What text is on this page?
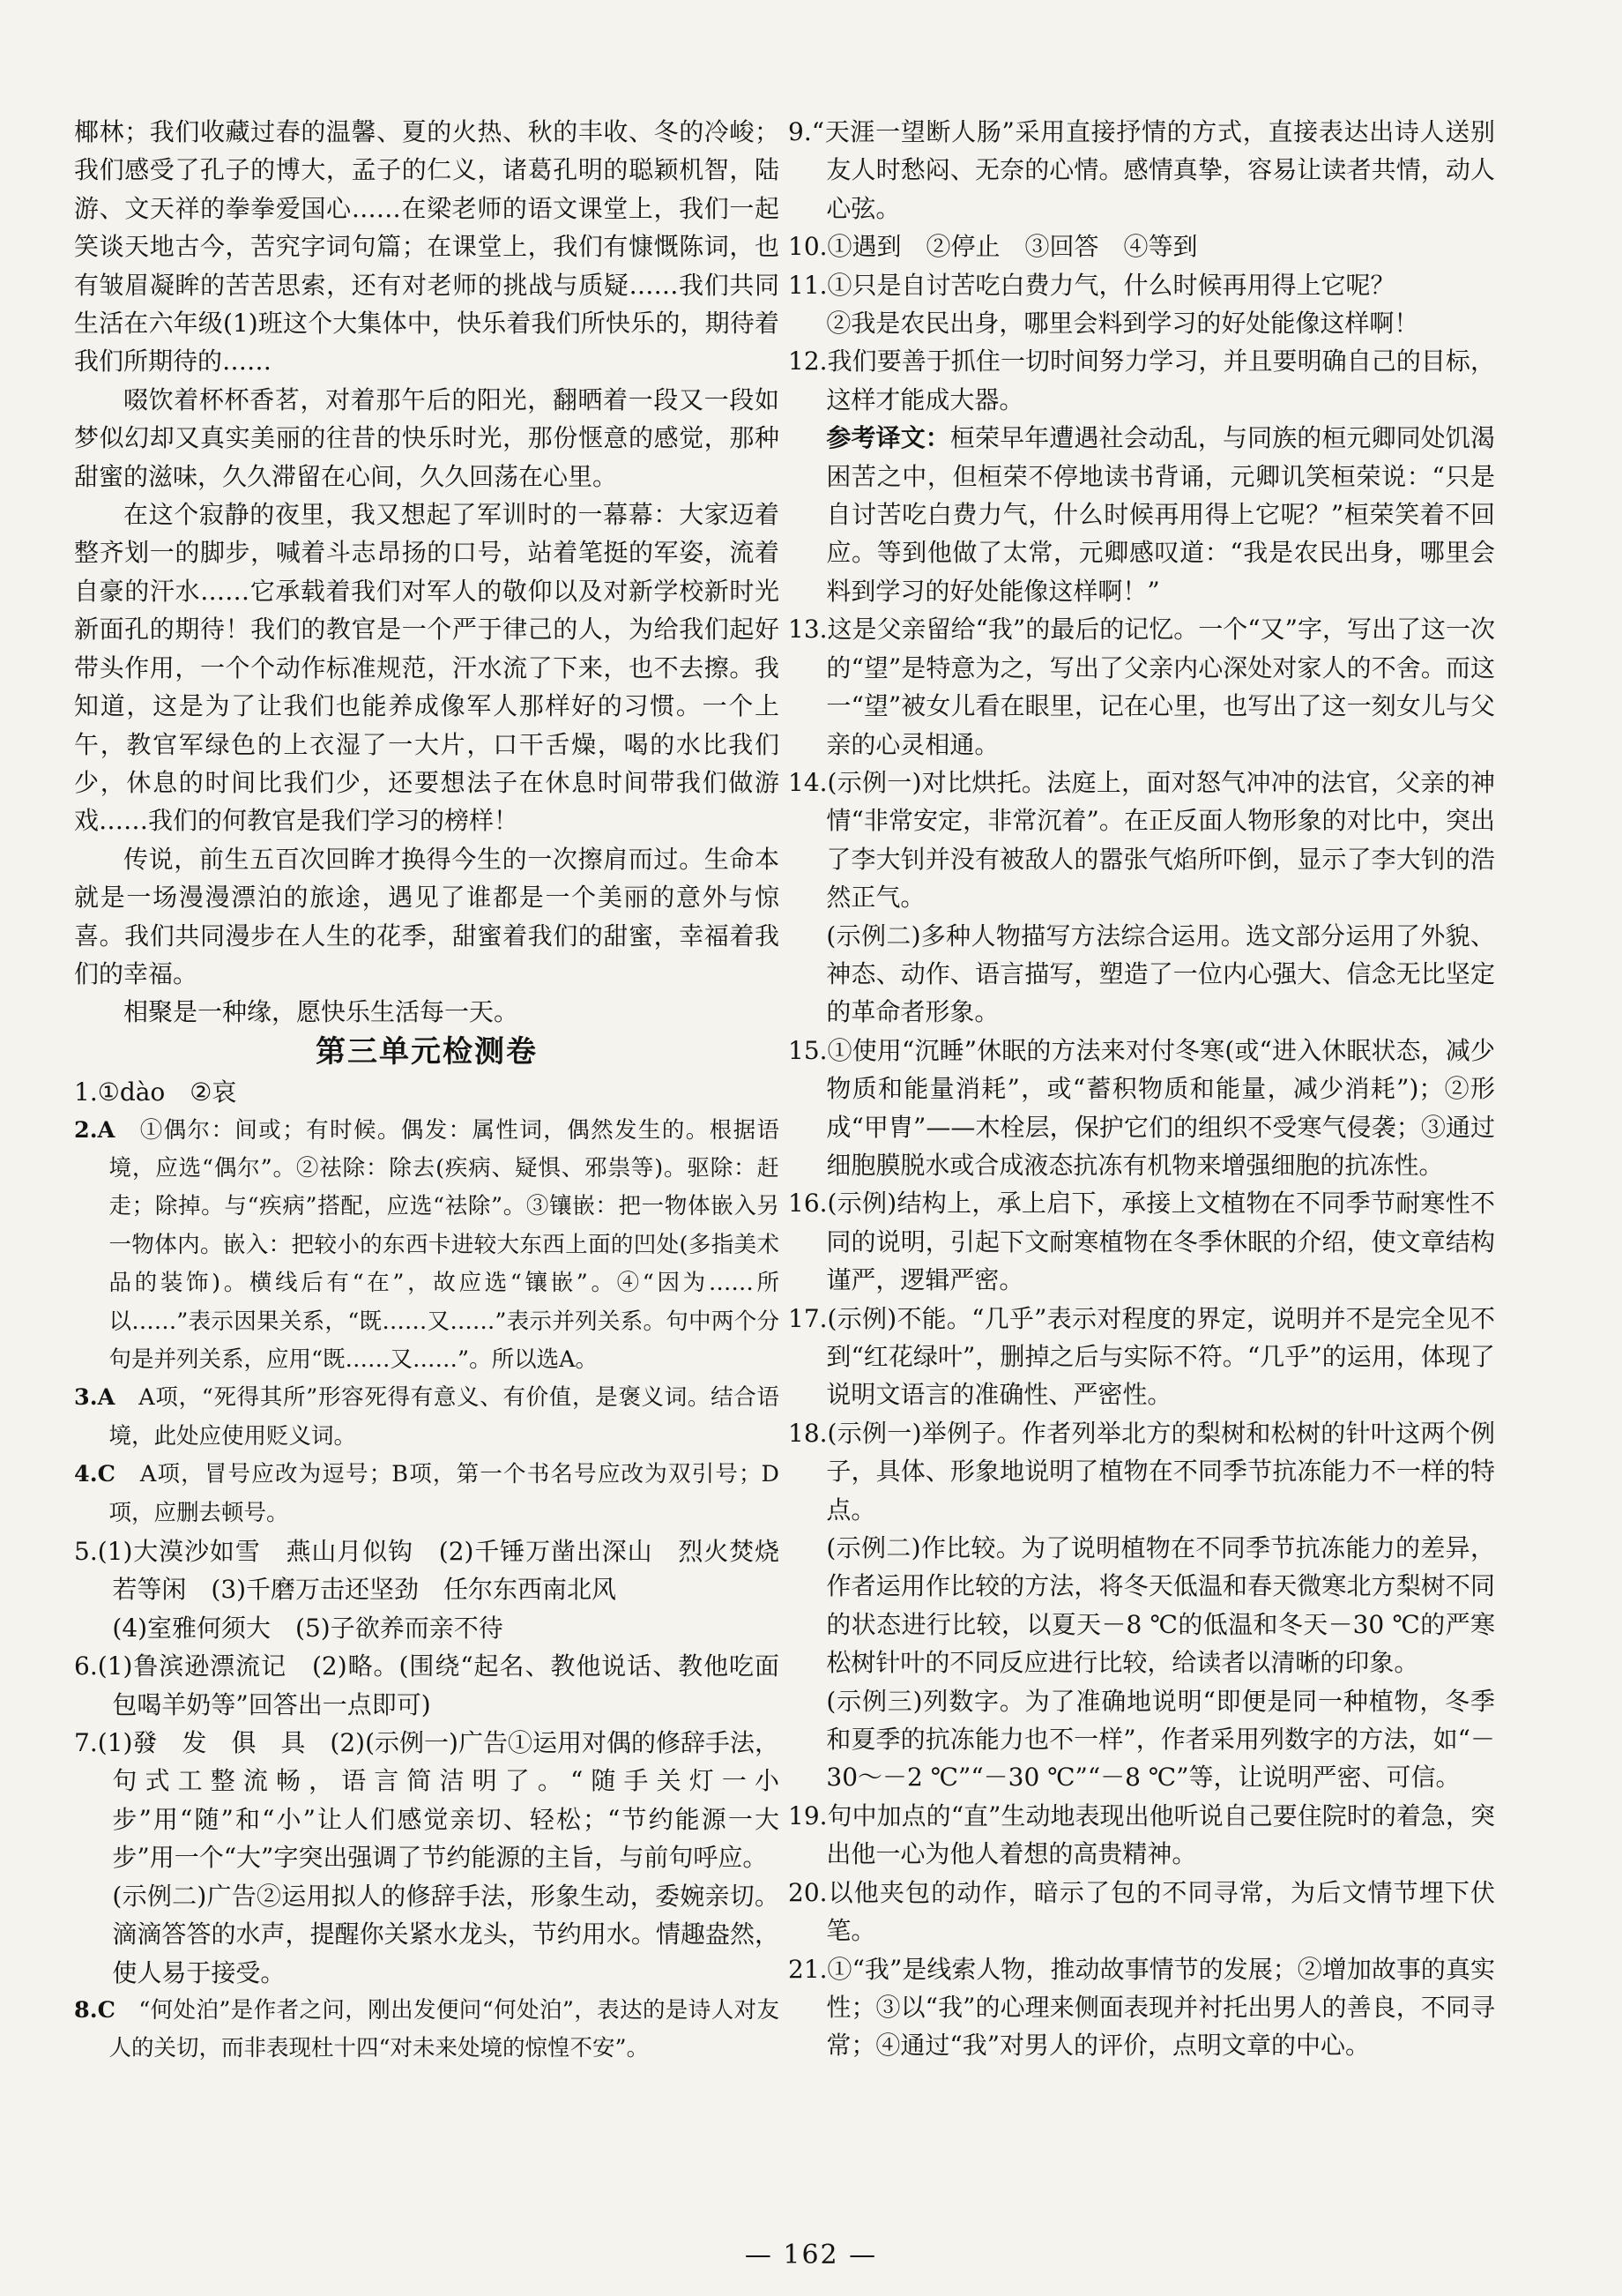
椰林；我们收藏过春的温馨、夏的火热、秋的丰收、冬的冷峻；我们感受了孔子的博大，孟子的仁义，诸葛孔明的聪颖机智，陆游、文天祥的拳拳爱国心……在梁老师的语文课堂上，我们一起笑谈天地古今，苦究字词句篇；在课堂上，我们有慷慨陈词，也有皱眉凝眸的苦苦思索，还有对老师的挑战与质疑……我们共同生活在六年级(1)班这个大集体中，快乐着我们所快乐的，期待着我们所期待的……

啜饮着杯杯香茗，对着那午后的阳光，翻晒着一段又一段如梦似幻却又真实美丽的往昔的快乐时光，那份惬意的感觉，那种甜蜜的滋味，久久滞留在心间，久久回荡在心里。

在这个寂静的夜里，我又想起了军训时的一幕幕：大家迈着整齐划一的脚步，喊着斗志昂扬的口号，站着笔挺的军姿，流着自豪的汗水……它承载着我们对军人的敬仰以及对新学校新时光新面孔的期待！我们的教官是一个严于律己的人，为给我们起好带头作用，一个个动作标准规范，汗水流了下来，也不去擦。我知道，这是为了让我们也能养成像军人那样好的习惯。一个上午，教官军绿色的上衣湿了一大片，口干舌燥，喝的水比我们少，休息的时间比我们少，还要想法子在休息时间带我们做游戏……我们的何教官是我们学习的榜样！

传说，前生五百次回眸才换得今生的一次擦肩而过。生命本就是一场漫漫漂泊的旅途，遇见了谁都是一个美丽的意外与惊喜。我们共同漫步在人生的花季，甜蜜着我们的甜蜜，幸福着我们的幸福。

相聚是一种缘，愿快乐生活每一天。

第三单元检测卷

1.①dào　②哀

2.A　①偶尔：间或；有时候。偶发：属性词，偶然发生的。根据语境，应选“偶尔”。②祛除：除去(疾病、疑惧、邪祟等)。驱除：赶走；除掉。与“疾病”搭配，应选“祛除”。③镶嵌：把一物体嵌入另一物体内。嵌入：把较小的东西卡进较大东西上面的凹处(多指美术品的装饰)。横线后有“在”，故应选“镶嵌”。④“因为……所以……”表示因果关系，“既……又……”表示并列关系。句中两个分句是并列关系，应用“既……又……”。所以选A。

3.A　A项，“死得其所”形容死得有意义、有价值，是褒义词。结合语境，此处应使用贬义词。

4.C　A项，冒号应改为逗号；B项，第一个书名号应改为双引号；D项，应删去顿号。

5.(1)大漠沙如雪　燕山月似钩　(2)千锤万凿出深山　烈火焚烧若等闲　(3)千磨万击还坚劲　任尔东西南北风

(4)室雅何须大　(5)子欲养而亲不待

6.(1)鲁滨逊漂流记　(2)略。(围绕“起名、教他说话、教他吃面包喝羊奶等”回答出一点即可)

7.(1)發　发　俱　具　(2)(示例一)广告①运用对偶的修辞手法，句式工整流畅，语言简洁明了。“随手关灯一小步”用“随”和“小”让人们感觉亲切、轻松；“节约能源一大步”用一个“大”字突出强调了节约能源的主旨，与前句呼应。

(示例二)广告②运用拟人的修辞手法，形象生动，委婉亲切。滴滴答答的水声，提醒你关紧水龙头，节约用水。情趣盎然，使人易于接受。

8.C　“何处泊”是作者之问，刚出发便问“何处泊”，表达的是诗人对友人的关切，而非表现杜十四“对未来处境的惊惶不安”。

9.“天涯一望断人肠”采用直接抒情的方式，直接表达出诗人送别友人时愁闷、无奈的心情。感情真挚，容易让读者共情，动人心弦。

10.①遇到　②停止　③回答　④等到

11.①只是自讨苦吃白费力气，什么时候再用得上它呢？

②我是农民出身，哪里会料到学习的好处能像这样啊！

12.我们要善于抓住一切时间努力学习，并且要明确自己的目标，这样才能成大器。

参考译文：桓荣早年遭遇社会动乱，与同族的桓元卿同处饥渴困苦之中，但桓荣不停地读书背诵，元卿讥笑桓荣说：“只是自讨苦吃白费力气，什么时候再用得上它呢？”桓荣笑着不回应。等到他做了太常，元卿感叹道：“我是农民出身，哪里会料到学习的好处能像这样啊！”

13.这是父亲留给“我”的最后的记忆。一个“又”字，写出了这一次的“望”是特意为之，写出了父亲内心深处对家人的不舍。而这一“望”被女儿看在眼里，记在心里，也写出了这一刻女儿与父亲的心灵相通。

14.(示例一)对比烘托。法庭上，面对怒气冲冲的法官，父亲的神情“非常安定，非常沉着”。在正反面人物形象的对比中，突出了李大钊并没有被敌人的嚣张气焰所吓倒，显示了李大钊的浩然正气。

(示例二)多种人物描写方法综合运用。选文部分运用了外貌、神态、动作、语言描写，塑造了一位内心强大、信念无比坚定的革命者形象。

15.①使用“沉睡”休眠的方法来对付冬寒(或“进入休眠状态，减少物质和能量消耗”，或“蓄积物质和能量，减少消耗”)；②形成“甲胄”——木栓层，保护它们的组织不受寒气侵袭；③通过细胞膜脱水或合成液态抗冻有机物来增强细胞的抗冻性。

16.(示例)结构上，承上启下，承接上文植物在不同季节耐寒性不同的说明，引起下文耐寒植物在冬季休眠的介绍，使文章结构谨严，逻辑严密。

17.(示例)不能。“几乎”表示对程度的界定，说明并不是完全见不到“红花绿叶”，删掉之后与实际不符。“几乎”的运用，体现了说明文语言的准确性、严密性。

18.(示例一)举例子。作者列举北方的梨树和松树的针叶这两个例子，具体、形象地说明了植物在不同季节抗冻能力不一样的特点。

(示例二)作比较。为了说明植物在不同季节抗冻能力的差异，作者运用作比较的方法，将冬天低温和春天微寒北方梨树不同的状态进行比较，以夏天－8 ℃的低温和冬天－30 ℃的严寒松树针叶的不同反应进行比较，给读者以清晰的印象。

(示例三)列数字。为了准确地说明“即便是同一种植物，冬季和夏季的抗冻能力也不一样”，作者采用列数字的方法，如“－30～－2 ℃”“－30 ℃”“－8 ℃”等，让说明严密、可信。

19.句中加点的“直”生动地表现出他听说自己要住院时的着急，突出他一心为他人着想的高贵精神。

20.以他夹包的动作，暗示了包的不同寻常，为后文情节埋下伏笔。

21.①“我”是线索人物，推动故事情节的发展；②增加故事的真实性；③以“我”的心理来侧面表现并衬托出男人的善良，不同寻常；④通过“我”对男人的评价，点明文章的中心。

— 162 —
